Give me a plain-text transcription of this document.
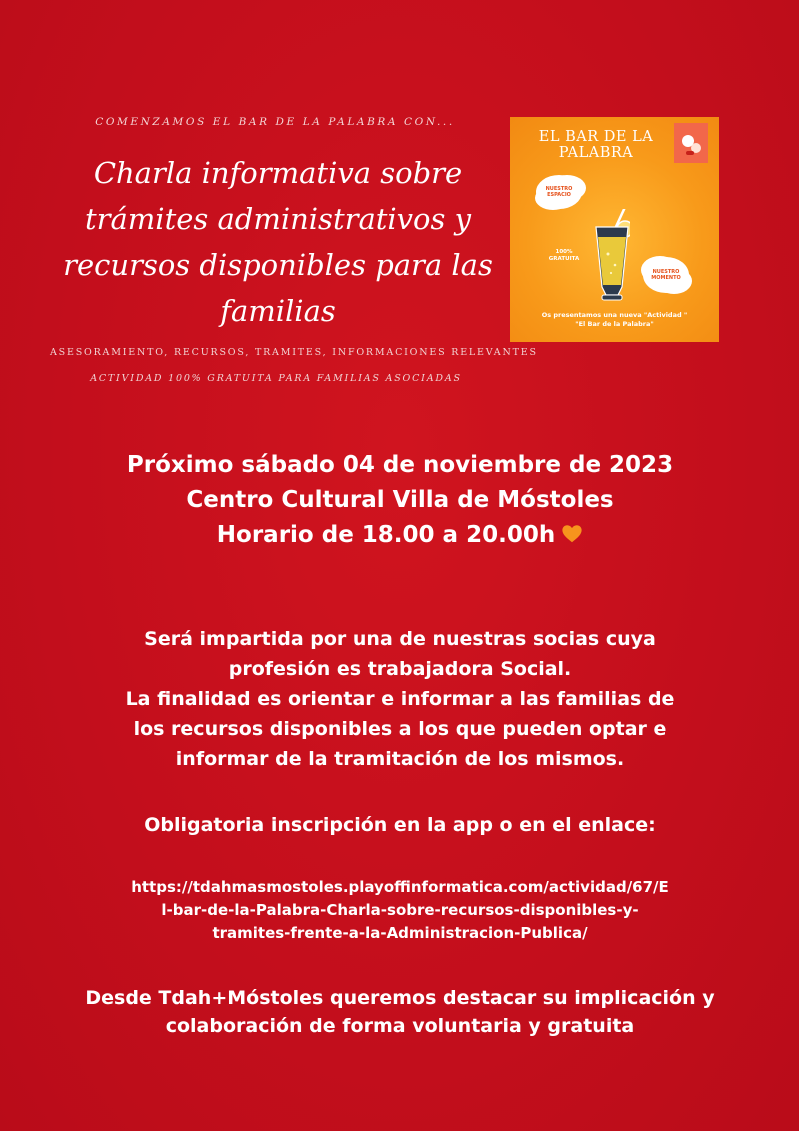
COMENZAMOS EL BAR DE LA PALABRA CON...
Charla informativa sobre
trámites administrativos y
recursos disponibles para las
familias
ASESORAMIENTO, RECURSOS, TRAMITES, INFORMACIONES RELEVANTES
ACTIVIDAD 100% GRATUITA PARA FAMILIAS ASOCIADAS
EL BAR DE LA
PALABRA
NUESTRO
ESPACIO
100%
GRATUITA
NUESTRO
MOMENTO
Os presentamos una nueva "Actividad "
"El Bar de la Palabra"
Próximo sábado 04 de noviembre de 2023
Centro Cultural Villa de Móstoles
Horario de 18.00 a 20.00h
Será impartida por una de nuestras socias cuya
profesión es trabajadora Social.
La finalidad es orientar e informar a las familias de
los recursos disponibles a los que pueden optar e
informar de la tramitación de los mismos.
Obligatoria inscripción en la app o en el enlace:
https://tdahmasmostoles.playoffinformatica.com/actividad/67/E
l-bar-de-la-Palabra-Charla-sobre-recursos-disponibles-y-
tramites-frente-a-la-Administracion-Publica/
Desde Tdah+Móstoles queremos destacar su implicación y
colaboración de forma voluntaria y gratuita
